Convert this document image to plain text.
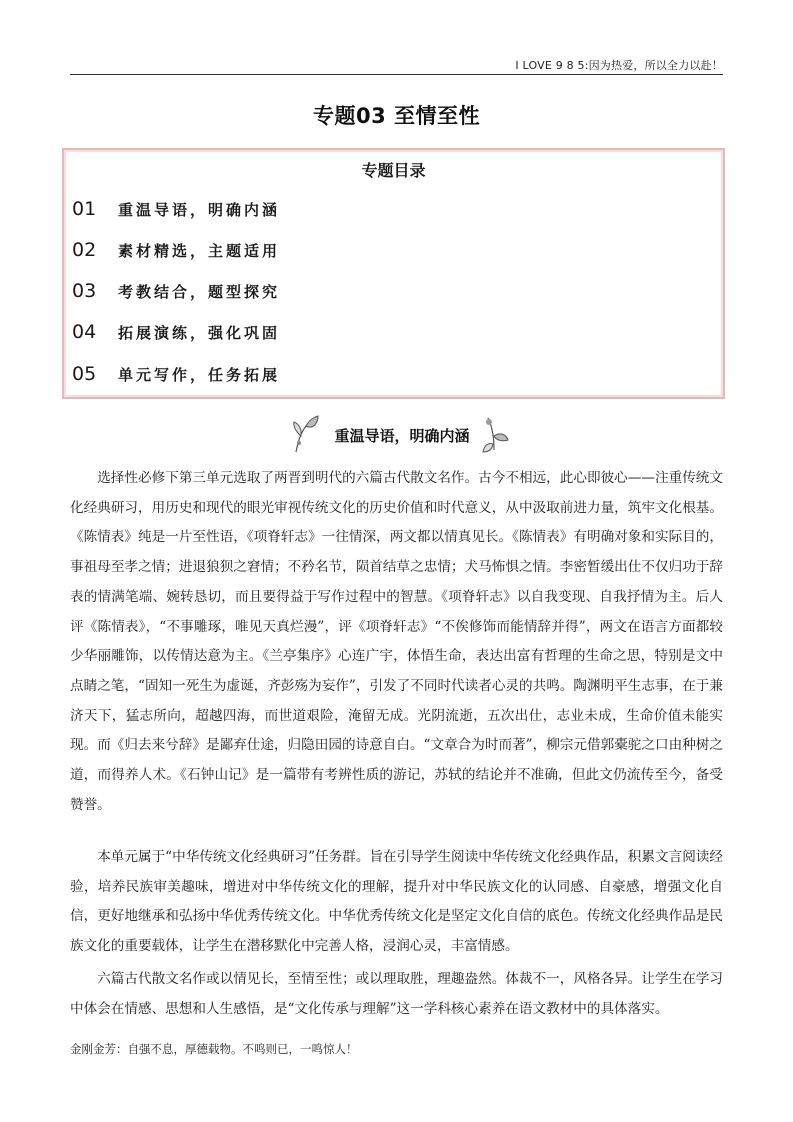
I LOVE 9 8 5:因为热爱，所以全力以赴！
专题03 至情至性
专题目录
01	重温导语，明确内涵
02	素材精选，主题适用
03	考教结合，题型探究
04	拓展演练，强化巩固
05	单元写作，任务拓展
重温导语，明确内涵

选择性必修下第三单元选取了两晋到明代的六篇古代散文名作。古今不相远，此心即彼心——注重传统文化经典研习，用历史和现代的眼光审视传统文化的历史价值和时代意义，从中汲取前进力量，筑牢文化根基。《陈情表》纯是一片至性语，《项脊轩志》一往情深，两文都以情真见长。《陈情表》有明确对象和实际目的，事祖母至孝之情；进退狼狈之窘情；不矜名节，陨首结草之忠情；犬马怖惧之情。李密暂缓出仕不仅归功于辞表的情满笔端、婉转恳切，而且要得益于写作过程中的智慧。《项脊轩志》以自我变现、自我抒情为主。后人评《陈情表》，“不事雕琢，唯见天真烂漫”，评《项脊轩志》“不俟修饰而能情辞并得”，两文在语言方面都较少华丽雕饰，以传情达意为主。《兰亭集序》心连广宇，体悟生命，表达出富有哲理的生命之思，特别是文中点睛之笔，“固知一死生为虚诞，齐彭殇为妄作”，引发了不同时代读者心灵的共鸣。陶渊明平生志事，在于兼济天下，猛志所向，超越四海，而世道艰险，淹留无成。光阴流逝，五次出仕，志业未成，生命价值未能实现。而《归去来兮辞》是鄙弃仕途，归隐田园的诗意自白。“文章合为时而著”，柳宗元借郭橐驼之口由种树之道，而得养人术。《石钟山记》是一篇带有考辨性质的游记，苏轼的结论并不准确，但此文仍流传至今，备受赞誉。

本单元属于“中华传统文化经典研习”任务群。旨在引导学生阅读中华传统文化经典作品，积累文言阅读经验，培养民族审美趣味，增进对中华传统文化的理解，提升对中华民族文化的认同感、自豪感，增强文化自信，更好地继承和弘扬中华优秀传统文化。中华优秀传统文化是坚定文化自信的底色。传统文化经典作品是民族文化的重要载体，让学生在潜移默化中完善人格，浸润心灵，丰富情感。

六篇古代散文名作或以情见长，至情至性；或以理取胜，理趣盎然。体裁不一，风格各异。让学生在学习中体会在情感、思想和人生感悟，是“文化传承与理解”这一学科核心素养在语文教材中的具体落实。

金刚金芳：自强不息，厚德载物。不鸣则已，一鸣惊人！
